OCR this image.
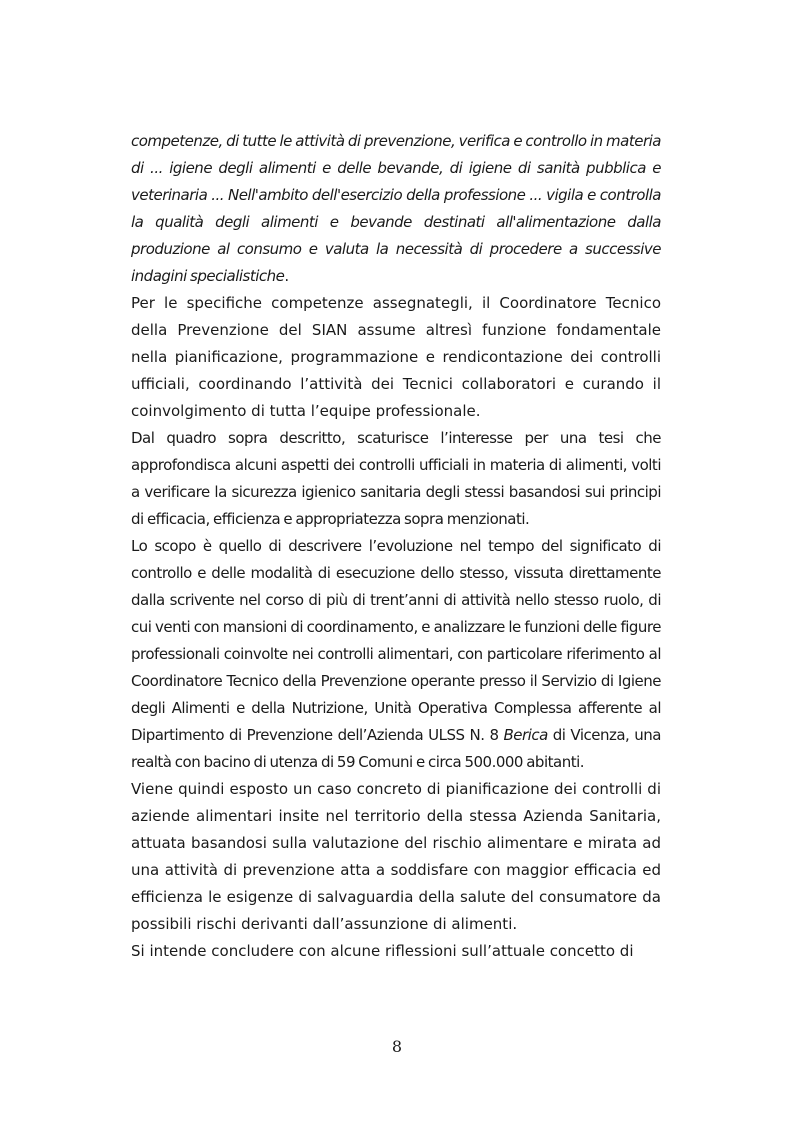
competenze, di tutte le attività di prevenzione, verifica e controllo in materia di ... igiene degli alimenti e delle bevande, di igiene di sanità pubblica e veterinaria ... Nell'ambito dell'esercizio della professione ... vigila e controlla la qualità degli alimenti e bevande destinati all'alimentazione dalla produzione al consumo e valuta la necessità di procedere a successive indagini specialistiche.

Per le specifiche competenze assegnategli, il Coordinatore Tecnico della Prevenzione del SIAN assume altresì funzione fondamentale nella pianificazione, programmazione e rendicontazione dei controlli ufficiali, coordinando l’attività dei Tecnici collaboratori e curando il coinvolgimento di tutta l’equipe professionale.

Dal quadro sopra descritto, scaturisce l’interesse per una tesi che approfondisca alcuni aspetti dei controlli ufficiali in materia di alimenti, volti a verificare la sicurezza igienico sanitaria degli stessi basandosi sui principi di efficacia, efficienza e appropriatezza sopra menzionati.

Lo scopo è quello di descrivere l’evoluzione nel tempo del significato di controllo e delle modalità di esecuzione dello stesso, vissuta direttamente dalla scrivente nel corso di più di trent’anni di attività nello stesso ruolo, di cui venti con mansioni di coordinamento, e analizzare le funzioni delle figure professionali coinvolte nei controlli alimentari, con particolare riferimento al Coordinatore Tecnico della Prevenzione operante presso il Servizio di Igiene degli Alimenti e della Nutrizione, Unità Operativa Complessa afferente al Dipartimento di Prevenzione dell’Azienda ULSS N. 8 Berica di Vicenza, una realtà con bacino di utenza di 59 Comuni e circa 500.000 abitanti.

Viene quindi esposto un caso concreto di pianificazione dei controlli di aziende alimentari insite nel territorio della stessa Azienda Sanitaria, attuata basandosi sulla valutazione del rischio alimentare e mirata ad una attività di prevenzione atta a soddisfare con maggior efficacia ed efficienza le esigenze di salvaguardia della salute del consumatore da possibili rischi derivanti dall’assunzione di alimenti.

Si intende concludere con alcune riflessioni sull’attuale concetto di

8
